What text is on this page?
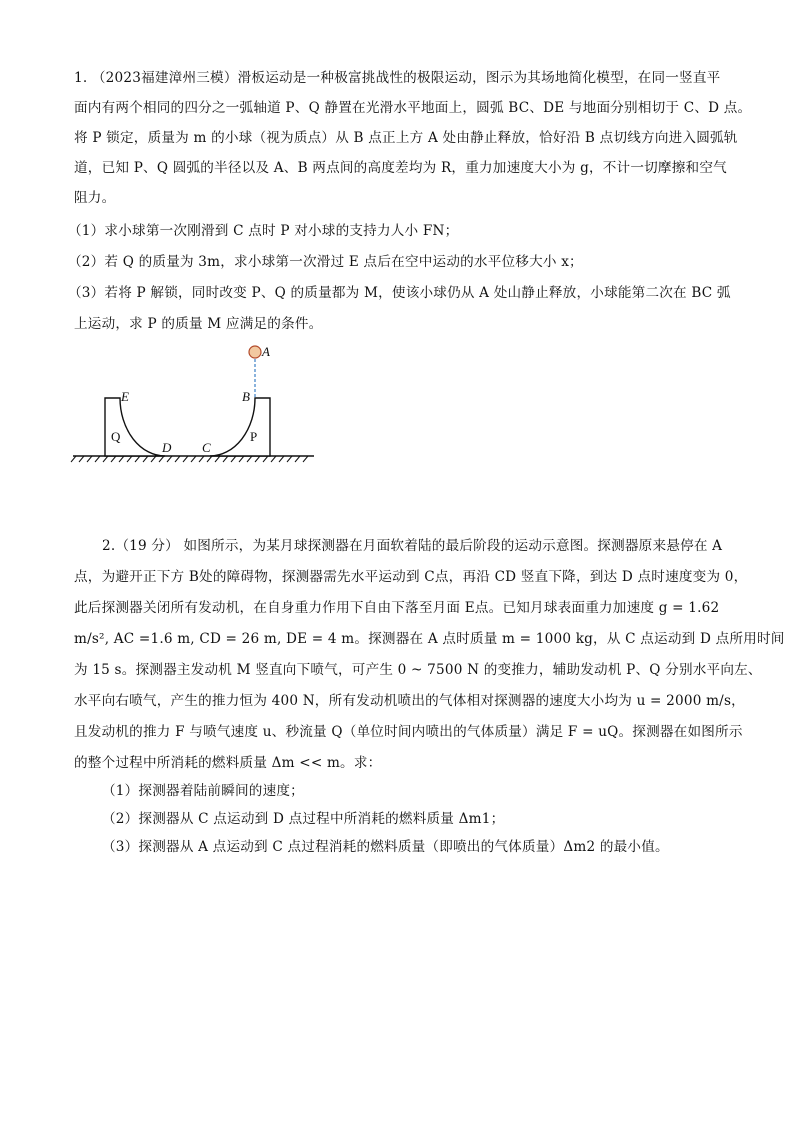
1. （2023福建漳州三模）滑板运动是一种极富挑战性的极限运动，图示为其场地简化模型，在同一竖直平
面内有两个相同的四分之一弧轴道 P、Q 静置在光滑水平地面上，圆弧 BC、DE 与地面分别相切于 C、D 点。
将 P 锁定，质量为 m 的小球（视为质点）从 B 点正上方 A 处由静止释放，恰好沿 B 点切线方向进入圆弧轨
道，已知 P、Q 圆弧的半径以及 A、B 两点间的高度差均为 R，重力加速度大小为 g，不计一切摩擦和空气
阻力。
（1）求小球第一次刚滑到 C 点时 P 对小球的支持力人小 FN；
（2）若 Q 的质量为 3m，求小球第一次滑过 E 点后在空中运动的水平位移大小 x；
（3）若将 P 解锁，同时改变 P、Q 的质量都为 M，使该小球仍从 A 处山静止释放，小球能第二次在 BC 弧
上运动，求 P 的质量 M 应满足的条件。
A
B
E
Q
D C
P
2.（19 分） 如图所示，为某月球探测器在月面软着陆的最后阶段的运动示意图。探测器原来悬停在 A
点，为避开正下方 B处的障碍物，探测器需先水平运动到 C点，再沿 CD 竖直下降，到达 D 点时速度变为 0，
此后探测器关闭所有发动机，在自身重力作用下自由下落至月面 E点。已知月球表面重力加速度 g = 1.62
m/s², AC =1.6 m, CD = 26 m, DE = 4 m。探测器在 A 点时质量 m = 1000 kg，从 C 点运动到 D 点所用时间
为 15 s。探测器主发动机 M 竖直向下喷气，可产生 0 ~ 7500 N 的变推力，辅助发动机 P、Q 分别水平向左、
水平向右喷气，产生的推力恒为 400 N，所有发动机喷出的气体相对探测器的速度大小均为 u = 2000 m/s，
且发动机的推力 F 与喷气速度 u、秒流量 Q（单位时间内喷出的气体质量）满足 F = uQ。探测器在如图所示
的整个过程中所消耗的燃料质量 Δm << m。求：
（1）探测器着陆前瞬间的速度；
（2）探测器从 C 点运动到 D 点过程中所消耗的燃料质量 Δm1；
（3）探测器从 A 点运动到 C 点过程消耗的燃料质量（即喷出的气体质量）Δm2 的最小值。
